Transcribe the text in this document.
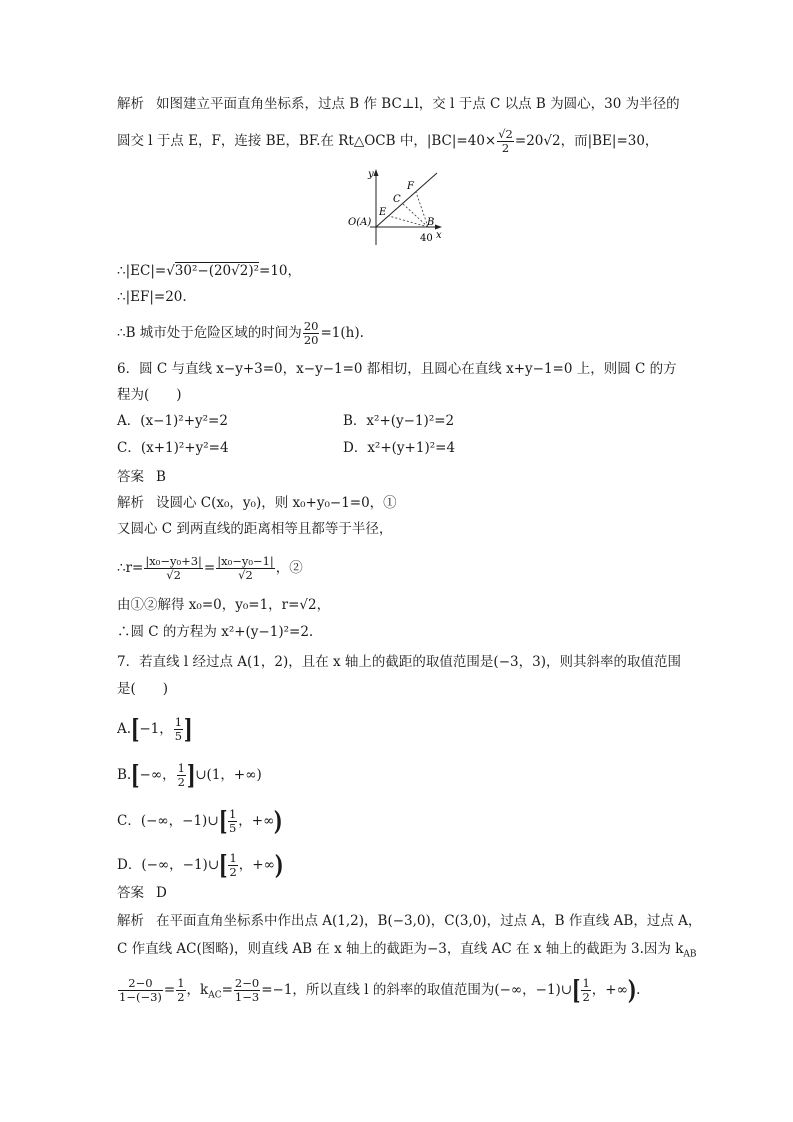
解析 如图建立平面直角坐标系，过点 B 作 BC⊥l，交 l 于点 C 以点 B 为圆心，30 为半径的
圆交 l 于点 E，F，连接 BE，BF.在 Rt△OCB 中，$|BC|=40\times \frac{√2}{2} =20√2$，而|BE|=30，
y
x
O(A)
E
C
F
B
40
∴|EC|=√30²−(20√2)²=10，
∴|EF|=20.
∴B 城市处于危险区域的时间为 $\frac{20}{20} =1(h)$.
6．圆 C 与直线 x−y+3=0，x−y−1=0 都相切，且圆心在直线 x+y−1=0 上，则圆 C 的方
程为(　　)
A．(x−1)²+y²=2	B．x²+(y−1)²=2
C．(x+1)²+y²=4	D．x²+(y+1)²=4
答案 B
解析 设圆心 C(x₀，y₀)，则 x₀+y₀−1=0，①
又圆心 C 到两直线的距离相等且都等于半径，
∴r= $\frac{\text{|x₀−y₀+3|}}{√2} = \frac{\text{|x₀−y₀−1|}}{√2}$ ，②
由①②解得 x₀=0，y₀=1，r=√2，
∴圆 C 的方程为 x²+(y−1)²=2.
7．若直线 l 经过点 A(1，2)，且在 x 轴上的截距的取值范围是(−3，3)，则其斜率的取值范围
是(　　)
A.[−1， $\frac{1}{5}$ ]
B.[−∞， $\frac{1}{2}$ ]∪(1，+∞)
C．(−∞，−1)∪[ $\frac{1}{5}$ ，+∞)
D．(−∞，−1)∪[ $\frac{1}{2}$ ，+∞)
答案 D
解析 在平面直角坐标系中作出点 A(1,2)，B(−3,0)，C(3,0)，过点 A，B 作直线 AB，过点 A，
C 作直线 AC(图略)，则直线 AB 在 x 轴上的截距为−3，直线 AC 在 x 轴上的截距为 3.因为 $k_{AB}$
$\frac{2-0}{1-(-3)} = \frac{1}{2}$ ，$k_{AC}= \frac{2-0}{1-3} =-1$，所以直线 l 的斜率的取值范围为(−∞，−1)∪[ $\frac{1}{2}$ ，+∞).
